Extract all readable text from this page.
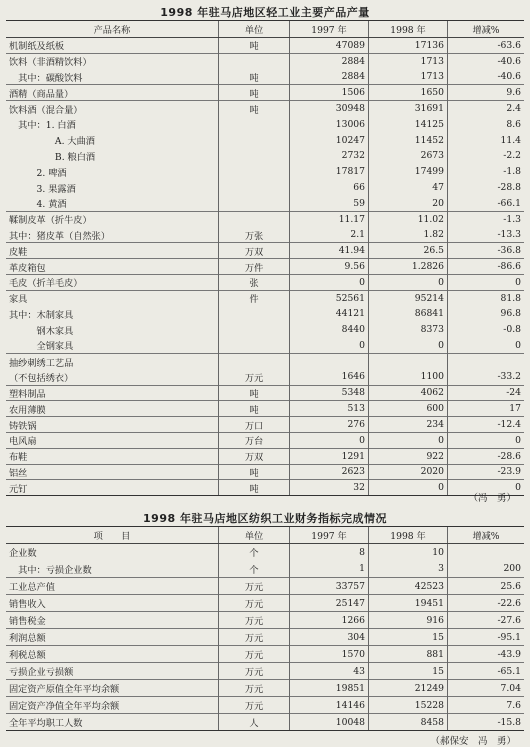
1998 年驻马店地区轻工业主要产品产量
产品名称	单位	1997 年	1998 年	增减%
机制纸及纸板	吨	47089	17136	-63.6
饮料（非酒精饮料）		2884	1713	-40.6
　其中：碳酸饮料	吨	2884	1713	-40.6
酒精（商品量）	吨	1506	1650	9.6
饮料酒（混合量）	吨	30948	31691	2.4
　其中：1. 白酒		13006	14125	8.6
　　　　　A. 大曲酒		10247	11452	11.4
　　　　　B. 粮白酒		2732	2673	-2.2
　　　2. 啤酒		17817	17499	-1.8
　　　3. 果露酒		66	47	-28.8
　　　4. 黄酒		59	20	-66.1
鞣制皮革（折牛皮）		11.17	11.02	-1.3
其中：猪皮革（自然张）	万张	2.1	1.82	-13.3
皮鞋	万双	41.94	26.5	-36.8
革皮箱包	万件	9.56	1.2826	-86.6
毛皮（折羊毛皮）	张	0	0	0
家具	件	52561	95214	81.8
其中：木制家具		44121	86841	96.8
　　　钢木家具		8440	8373	-0.8
　　　全钢家具		0	0	0
抽纱刺绣工艺品				
（不包括绣衣）	万元	1646	1100	-33.2
塑料制品	吨	5348	4062	-24
农用薄膜	吨	513	600	17
铸铁锅	万口	276	234	-12.4
电风扇	万台	0	0	0
布鞋	万双	1291	922	-28.6
铝丝	吨	2623	2020	-23.9
元钉	吨	32	0	0
（冯　勇）
1998 年驻马店地区纺织工业财务指标完成情况
项　　目	单位	1997 年	1998 年	增减%
企业数	个	8	10	
　其中：亏损企业数	个	1	3	200
工业总产值	万元	33757	42523	25.6
销售收入	万元	25147	19451	-22.6
销售税金	万元	1266	916	-27.6
利润总额	万元	304	15	-95.1
利税总额	万元	1570	881	-43.9
亏损企业亏损额	万元	43	15	-65.1
固定资产原值全年平均余额	万元	19851	21249	7.04
固定资产净值全年平均余额	万元	14146	15228	7.6
全年平均职工人数	人	10048	8458	-15.8
（郝保安　冯　勇）
